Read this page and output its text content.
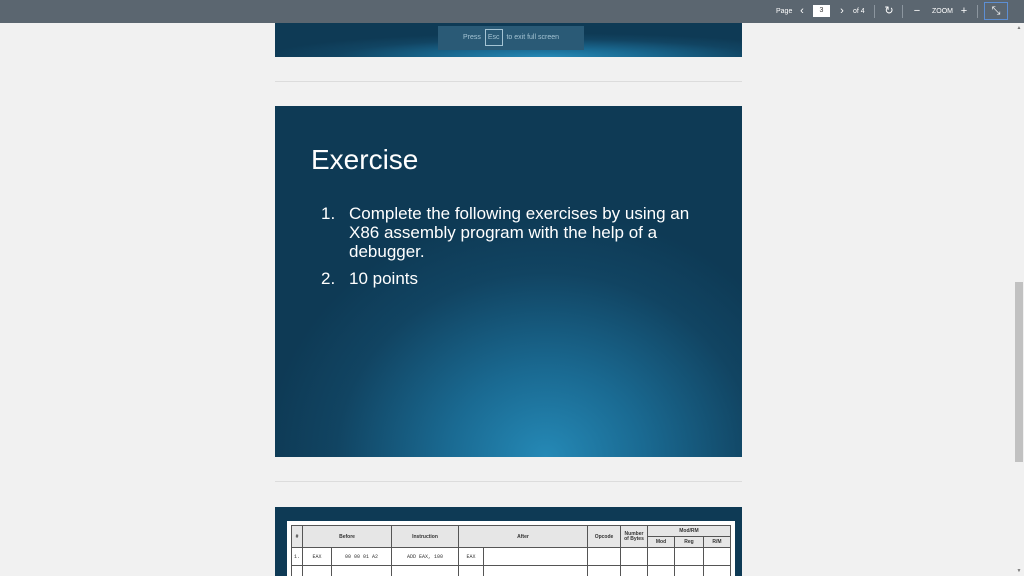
Page ‹
3	›	of 4 ↻ −	ZOOM +	⤡
Press Esc to exit full screen
Exercise
1. Complete the following exercises by using an X86 assembly program with the help of a debugger.
2. 10 points
#	Before		Instruction	After		Opcode	Number of Bytes	Mod/RM		
								Mod	Reg	R/M
1.	EAX	00 00 01 A2	ADD EAX, 100	EAX						

▲
▼
